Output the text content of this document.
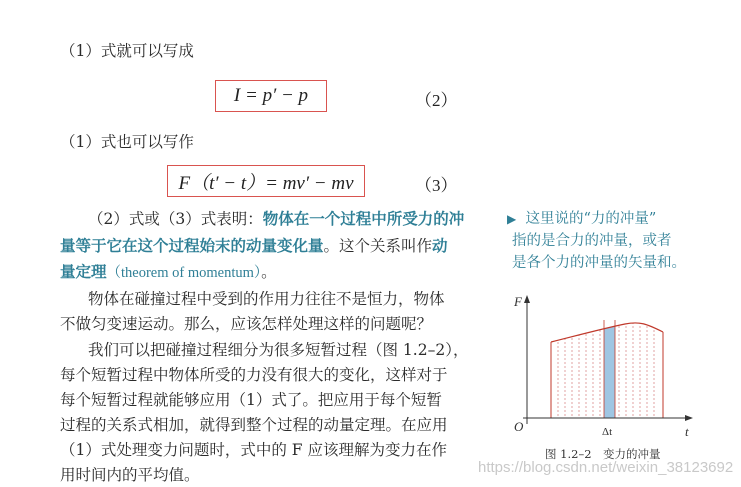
（1）式就可以写成
I = p′ − p	（2）
（1）式也可以写作
F（t′ − t）= mv′ − mv	（3）
（2）式或（3）式表明：物体在一个过程中所受力的冲
量等于它在这个过程始末的动量变化量。这个关系叫作动
量定理（theorem of momentum）。
物体在碰撞过程中受到的作用力往往不是恒力，物体
不做匀变速运动。那么，应该怎样处理这样的问题呢？
我们可以把碰撞过程细分为很多短暂过程（图 1.2–2），
每个短暂过程中物体所受的力没有很大的变化，这样对于
每个短暂过程就能够应用（1）式了。把应用于每个短暂
过程的关系式相加，就得到整个过程的动量定理。在应用
（1）式处理变力问题时，式中的 F 应该理解为变力在作
用时间内的平均值。
▶ 这里说的“力的冲量”
指的是合力的冲量，或者
是各个力的冲量的矢量和。
F
t
O	Δt
图 1.2–2　变力的冲量
https://blog.csdn.net/weixin_38123692
